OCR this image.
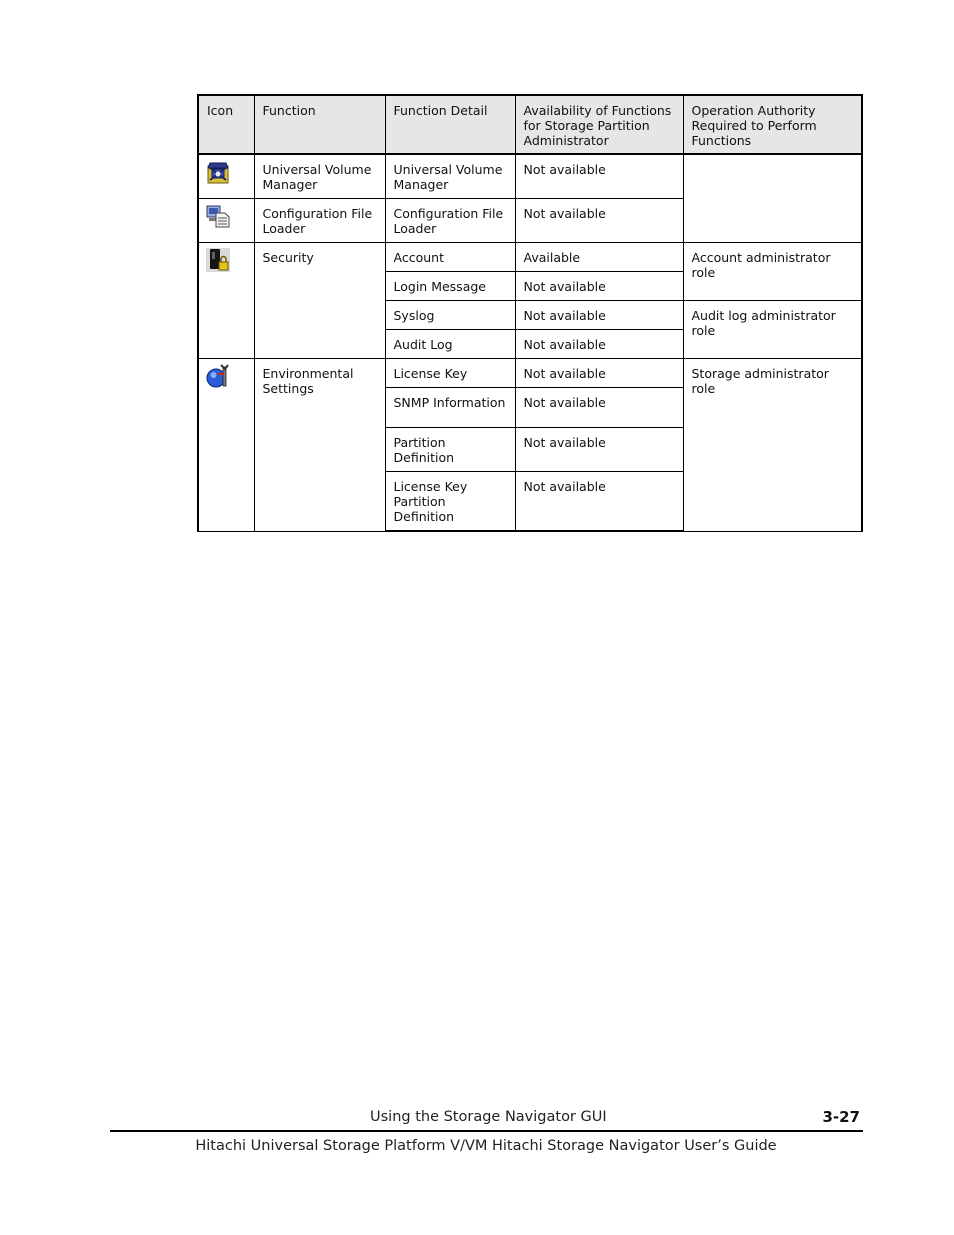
Icon	Function	Function Detail	Availability of Functions for Storage Partition Administrator	Operation Authority Required to Perform Functions

	Universal Volume Manager	Universal Volume Manager	Not available	

	Configuration File Loader	Configuration File Loader	Not available	

	Security	Account	Available	Account administrator role
		Login Message	Not available	
		Syslog	Not available	Audit log administrator role
		Audit Log	Not available	

	Environmental Settings	License Key	Not available	Storage administrator role
		SNMP Information	Not available	
		Partition Definition	Not available	
		License Key Partition Definition	Not available	
Using the Storage Navigator GUI	3-27
Hitachi Universal Storage Platform V/VM Hitachi Storage Navigator User’s Guide
